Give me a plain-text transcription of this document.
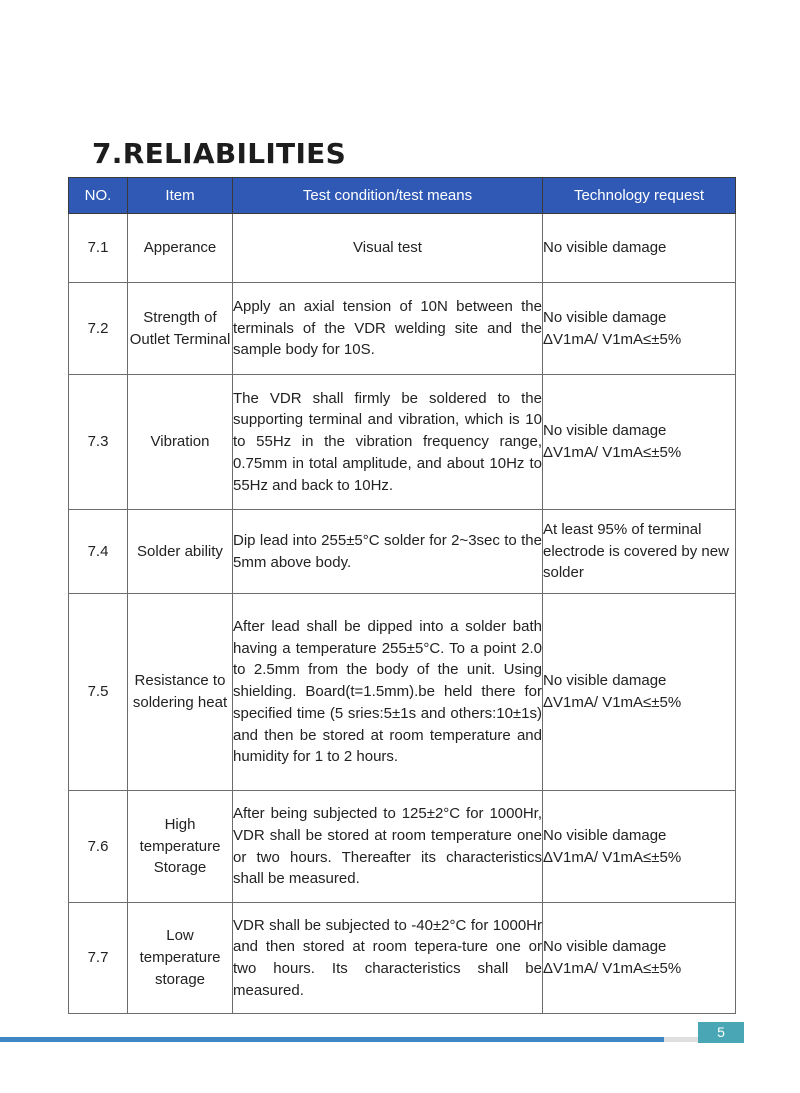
7.RELIABILITIES
NO.	Item	Test condition/test means	Technology request
7.1	Apperance	Visual test	No visible damage

7.2	Strength of Outlet Terminal	Apply an axial tension of 10N between the terminals of the VDR welding site and the sample body for 10S.	No visible damage
ΔV1mA/ V1mA≤±5%

7.3	Vibration	The VDR shall firmly be soldered to the supporting terminal and vibration, which is 10 to 55Hz in the vibration frequency range, 0.75mm in total amplitude, and about 10Hz to 55Hz and back to 10Hz.	No visible damage
ΔV1mA/ V1mA≤±5%

7.4	Solder ability	Dip lead into 255±5°C solder for 2~3sec to the 5mm above body.	At least 95% of terminal electrode is covered by new solder
7.5	Resistance to soldering heat	After lead shall be dipped into a solder bath having a temperature 255±5°C. To a point 2.0 to 2.5mm from the body of the unit. Using shielding. Board(t=1.5mm).be held there for specified time (5 sries:5±1s and others:10±1s) and then be stored at room temperature and humidity for 1 to 2 hours.	No visible damage
ΔV1mA/ V1mA≤±5%

7.6	High temperature Storage	After being subjected to 125±2°C for 1000Hr, VDR shall be stored at room temperature one or two hours. Thereafter its characteristics shall be measured.	No visible damage
ΔV1mA/ V1mA≤±5%

7.7	Low temperature storage	VDR shall be subjected to -40±2°C for 1000Hr and then stored at room tepera-ture one or two hours. Its characteristics shall be measured.	No visible damage
ΔV1mA/ V1mA≤±5%
5
